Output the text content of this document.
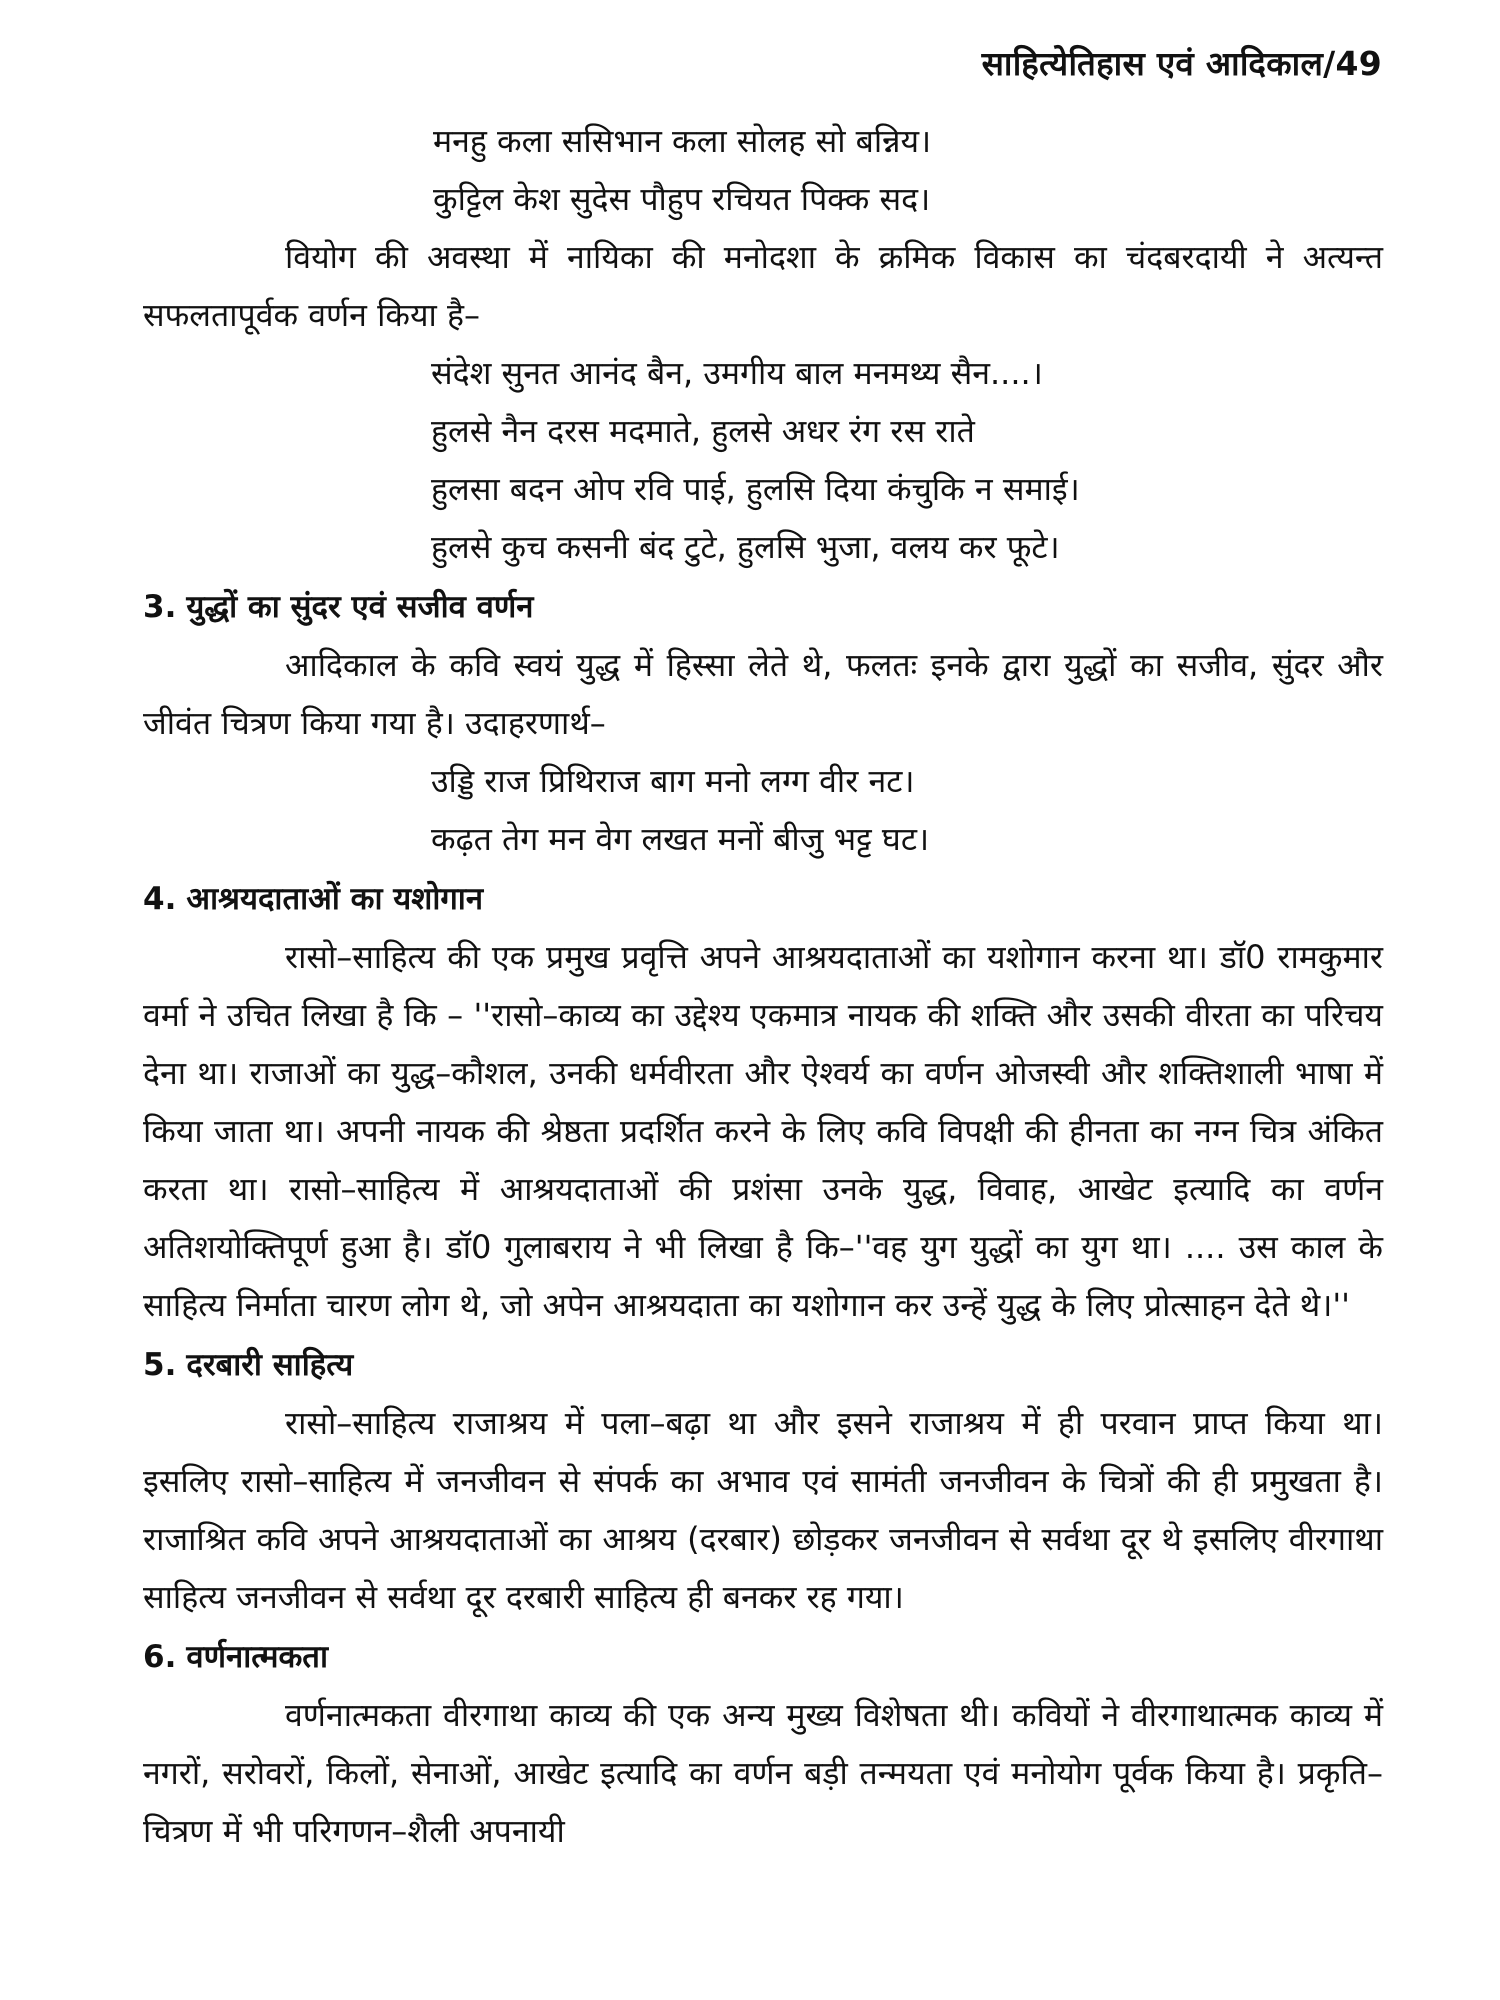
साहित्येतिहास एवं आदिकाल/49
मनहु कला ससिभान कला सोलह सो बन्निय।
कुट्टिल केश सुदेस पौहुप रचियत पिक्क सद।

वियोग की अवस्था में नायिका की मनोदशा के क्रमिक विकास का चंदबरदायी ने अत्यन्त सफलतापूर्वक वर्णन किया है–

संदेश सुनत आनंद बैन, उमगीय बाल मनमथ्य सैन....।
हुलसे नैन दरस मदमाते, हुलसे अधर रंग रस राते
हुलसा बदन ओप रवि पाई, हुलसि दिया कंचुकि न समाई।
हुलसे कुच कसनी बंद टुटे, हुलसि भुजा, वलय कर फूटे।
3. युद्धों का सुंदर एवं सजीव वर्णन

आदिकाल के कवि स्वयं युद्ध में हिस्सा लेते थे, फलतः इनके द्वारा युद्धों का सजीव, सुंदर और जीवंत चित्रण किया गया है। उदाहरणार्थ–

उड्डि राज प्रिथिराज बाग मनो लग्ग वीर नट।
कढ़त तेग मन वेग लखत मनों बीजु भट्ट घट।
4. आश्रयदाताओं का यशोगान

रासो–साहित्य की एक प्रमुख प्रवृत्ति अपने आश्रयदाताओं का यशोगान करना था। डॉ0 रामकुमार वर्मा ने उचित लिखा है कि – ''रासो–काव्य का उद्देश्य एकमात्र नायक की शक्ति और उसकी वीरता का परिचय देना था। राजाओं का युद्ध–कौशल, उनकी धर्मवीरता और ऐश्वर्य का वर्णन ओजस्वी और शक्तिशाली भाषा में किया जाता था। अपनी नायक की श्रेष्ठता प्रदर्शित करने के लिए कवि विपक्षी की हीनता का नग्न चित्र अंकित करता था। रासो–साहित्य में आश्रयदाताओं की प्रशंसा उनके युद्ध, विवाह, आखेट इत्यादि का वर्णन अतिशयोक्तिपूर्ण हुआ है। डॉ0 गुलाबराय ने भी लिखा है कि–''वह युग युद्धों का युग था। .... उस काल के साहित्य निर्माता चारण लोग थे, जो अपेन आश्रयदाता का यशोगान कर उन्हें युद्ध के लिए प्रोत्साहन देते थे।''

5. दरबारी साहित्य

रासो–साहित्य राजाश्रय में पला–बढ़ा था और इसने राजाश्रय में ही परवान प्राप्त किया था। इसलिए रासो–साहित्य में जनजीवन से संपर्क का अभाव एवं सामंती जनजीवन के चित्रों की ही प्रमुखता है। राजाश्रित कवि अपने आश्रयदाताओं का आश्रय (दरबार) छोड़कर जनजीवन से सर्वथा दूर थे इसलिए वीरगाथा साहित्य जनजीवन से सर्वथा दूर दरबारी साहित्य ही बनकर रह गया।

6. वर्णनात्मकता

वर्णनात्मकता वीरगाथा काव्य की एक अन्य मुख्य विशेषता थी। कवियों ने वीरगाथात्मक काव्य में नगरों, सरोवरों, किलों, सेनाओं, आखेट इत्यादि का वर्णन बड़ी तन्मयता एवं मनोयोग पूर्वक किया है। प्रकृति–चित्रण में भी परिगणन–शैली अपनायी
